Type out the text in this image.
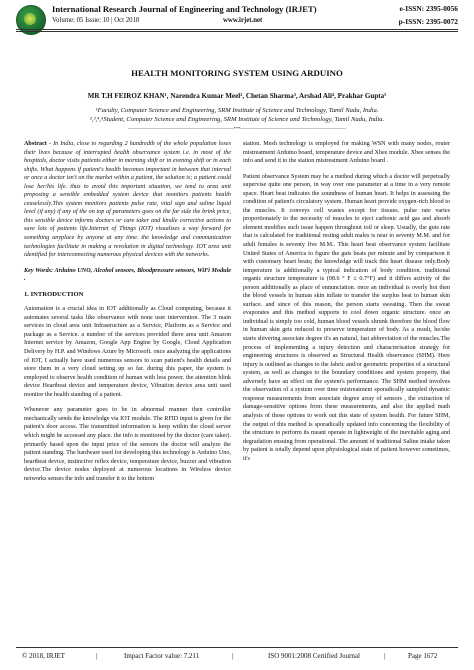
International Research Journal of Engineering and Technology (IRJET)
Volume: 05 Issue: 10 | Oct 2018	www.irjet.net
e-ISSN: 2395-0056
p-ISSN: 2395-0072
HEALTH MONITORING SYSTEM USING ARDUINO
MR T.H FEIROZ KHAN¹, Narendra Kumar Meel², Chetan Sharma³, Arshad Ali⁴, Prakhar Gupta⁵
¹Faculty, Computer Science and Engineering, SRM Institute of Science and Technology, Tamil Nadu, India.
²,³,⁴,⁵Student, Computer Science and Engineering, SRM Institute of Science and Technology, Tamil Nadu, India.
---------------------------------------------------------------------***---------------------------------------------------------------------

Abstract - In India, close to regarding 2 hundredth of the whole population loses their lives because of interrupted health observance system i.e. in most of the hospitals, doctor visits patients either in morning shift or in evening shift or in each shifts. What happens if patient's health becomes important in between that interval or once a doctor isn't on the market within a patient, the solution is; a patient could lose her/his life. thus to avoid this important situation, we tend to area unit proposing a sensible embedded system device that monitors patients health ceaselessly.This system monitors patients pulse rate, vital sign and saline liquid level (if any) if any of the on top of parameters goes on the far side the brink price, this sensible device informs doctors or care taker and kindle corrective actions to save lots of patients life.Internet of Things (IOT) visualizes a way forward for something anyplace by anyone at any time. the knowledge and communication technologies facilitate in making a revolution in digital technology. IOT area unit identified for interconnecting numerous physical devices with the networks.

Key Words: Arduino UNO, Alcohol sensors, Bloodpressure sensors, WiFi Module .

1. INTRODUCTION

Automation is a crucial idea in IOT additionally as Cloud computing, because it automates several tasks like observance with none user intervention. The 3 main services in cloud area unit Infrastructure as a Service, Platform as a Service and package as a Service. a number of the services provided there area unit Amazon Internet service by Amazon, Google App Engine by Google, Cloud Application Delivery by H.P. and Windows Azure by Microsoft. once analyzing the applications of IOT, I actually have used numerous sensors to scan patient's health details and store them in a very cloud setting up so far. during this paper, the system is employed to observe health condition of human with less power. the attention blink device Heartbeat device and temperature device, Vibration device area unit used monitor the health standing of a patient.

Whenever any parameter goes to be in abnormal manner then controller mechanically sends the knowledge via IOT module. The RFID input is given for the patient's door access. The transmitted information is keep within the cloud server which might be accessed any place. the info is monitored by the doctor (care taker). primarily based upon the input price of the sensors the doctor will analyze the patient standing. The hardware used for developing this technology is Arduino Uno, heartbeat device, instinctive reflex device, temperature device, buzzer and vibration device.The device nodes deployed at numerous locations in Wireless device networks senses the info and transfer it to the bottom

station. Mesh technology is employed for making WSN with many nodes, router mistreatment Arduino board, temperature device and Xbee module. Xbee senses the info and send it to the station mistreatment Arduino board .

Patient observance System may be a method during which a doctor will perpetually supervise quite one person, in way over one parameter at a time in a very remote space. Heart beat indicates the soundness of human heart. It helps in assessing the condition of patient's circulatory system. Human heart provide oxygen-rich blood to the muscles. It conveys cell wastes except for tissues. pulse rate varies proportionately to the necessity of muscles to eject carbonic acid gas and absorb element modifies such issue happen throughout toil or sleep. Usually, the guts rate that is calculated for traditional resting adult males is near to seventy M.M. and for adult females is seventy five M.M.. This heart beat observance system facilitate United States of America to figure the guts beats per minute and by comparison it with customary heart beats; the knowledge will track this heart disease only.Body temperature is additionally a typical indication of body condition. traditional organic structure temperature is (98.6 ° F ± 0.7°F) and it differs activity of the person additionally as place of ennunciation. once an individual is overly hot then the blood vessels in human skin inflate to transfer the surplus heat to human skin surface. and since of this reason, the person starts sweating. Then the sweat evaporates and this method supports to cool down organic structure. once an individual is simply too cold, human blood vessels shrunk therefore the blood flow in human skin gets reduced to preserve temperature of body. As a result, he/she starts shivering associate degree it's an natural, fast abbreviation of the muscles.The process of implementing a injury detection and characterisation strategy for engineering structures is observed as Structural Health observance (SHM). Here injury is outlined as changes to the fabric and/or geometric properties of a structural system, as well as changes to the boundary conditions and system property, that adversely have an effect on the system's performance. The SHM method involves the observation of a system over time mistreatment sporadically sampled dynamic response measurements from associate degree array of sensors , the extraction of damage-sensitive options from these measurements, and also the applied math analysis of those options to work out this state of system health. For future SHM, the output of this method is sporadically updated info concerning the flexibility of the structure to perform its meant operate in lightweight of the inevitable aging and degradation ensuing from operational. The amount of traditional Saline intake taken by patient is totally depend upon physiological state of patient however sometimes, it's

© 2018, IRJET	|	Impact Factor value: 7.211	|	ISO 9001:2008 Certified Journal	|	Page 1672
